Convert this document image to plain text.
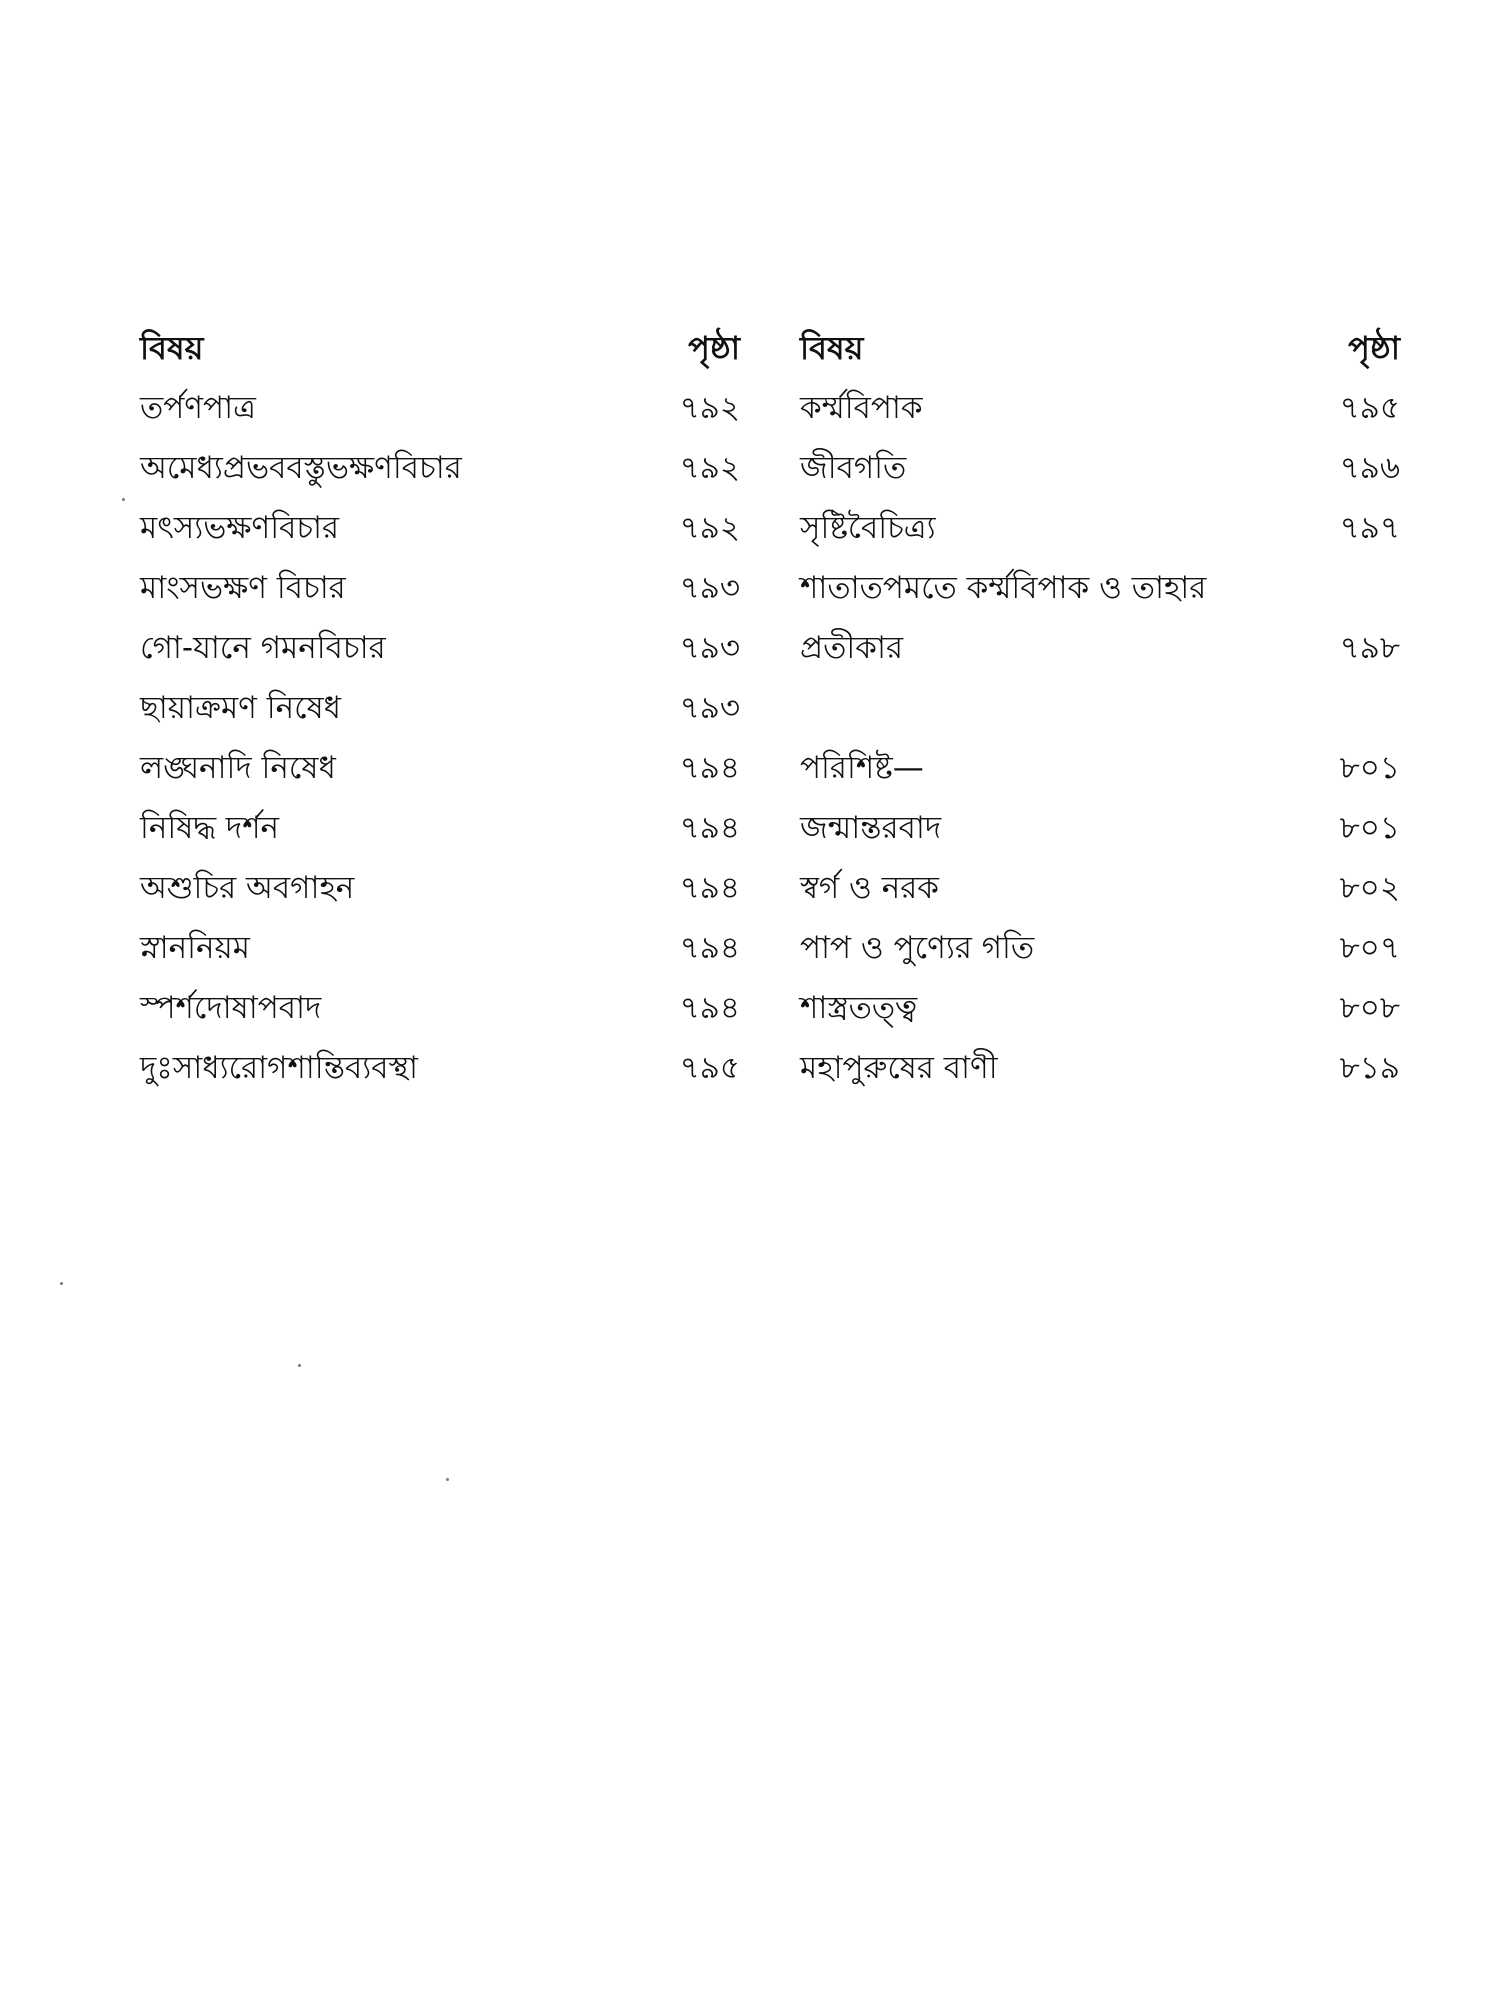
বিষয়	পৃষ্ঠা
তর্পণপাত্র	৭৯২
অমেধ্যপ্রভববস্তুভক্ষণবিচার	৭৯২
মৎস্যভক্ষণবিচার	৭৯২
মাংসভক্ষণ বিচার	৭৯৩
গো-যানে গমনবিচার	৭৯৩
ছায়াক্রমণ নিষেধ	৭৯৩
লঙ্ঘনাদি নিষেধ	৭৯৪
নিষিদ্ধ দর্শন	৭৯৪
অশুচির অবগাহন	৭৯৪
স্নাননিয়ম	৭৯৪
স্পর্শদোষাপবাদ	৭৯৪
দুঃসাধ্যরোগশান্তিব্যবস্থা	৭৯৫
বিষয়	পৃষ্ঠা
কর্ম্মবিপাক	৭৯৫
জীবগতি	৭৯৬
সৃষ্টিবৈচিত্র্য	৭৯৭
শাতাতপমতে কর্ম্মবিপাক ও তাহার
প্রতীকার	৭৯৮
পরিশিষ্ট—	৮০১
জন্মান্তরবাদ	৮০১
স্বর্গ ও নরক	৮০২
পাপ ও পুণ্যের গতি	৮০৭
শাস্ত্রতত্ত্ব	৮০৮
মহাপুরুষের বাণী	৮১৯
